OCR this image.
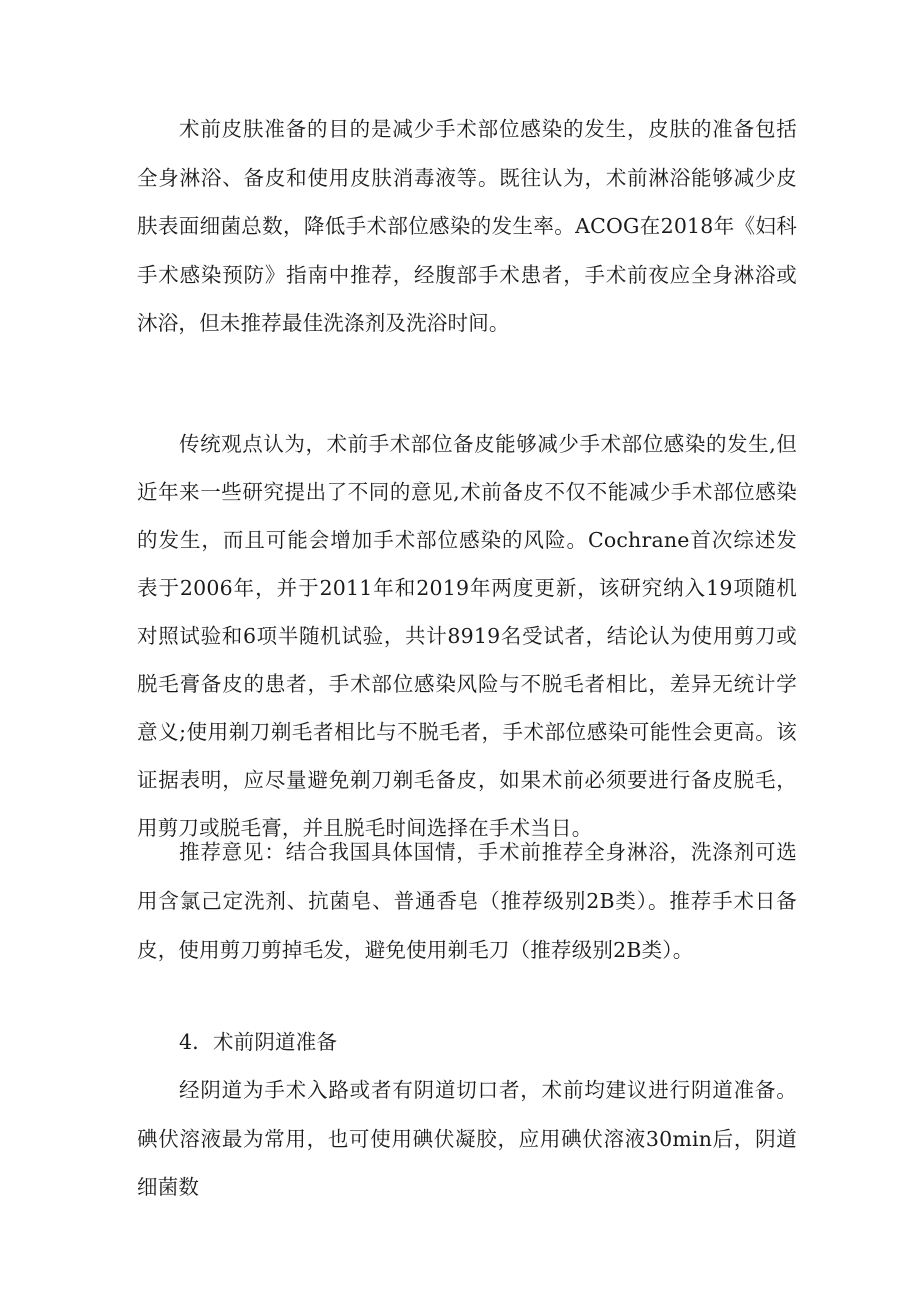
术前皮肤准备的目的是减少手术部位感染的发生，皮肤的准备包括全身淋浴、备皮和使用皮肤消毒液等。既往认为，术前淋浴能够减少皮肤表面细菌总数，降低手术部位感染的发生率。ACOG在2018年《妇科手术感染预防》指南中推荐，经腹部手术患者，手术前夜应全身淋浴或沐浴，但未推荐最佳洗涤剂及洗浴时间。

传统观点认为，术前手术部位备皮能够减少手术部位感染的发生,但近年来一些研究提出了不同的意见,术前备皮不仅不能减少手术部位感染的发生，而且可能会增加手术部位感染的风险。Cochrane首次综述发表于2006年，并于2011年和2019年两度更新，该研究纳入19项随机对照试验和6项半随机试验，共计8919名受试者，结论认为使用剪刀或脱毛膏备皮的患者，手术部位感染风险与不脱毛者相比，差异无统计学意义;使用剃刀剃毛者相比与不脱毛者，手术部位感染可能性会更高。该证据表明，应尽量避免剃刀剃毛备皮，如果术前必须要进行备皮脱毛，用剪刀或脱毛膏，并且脱毛时间选择在手术当日。

推荐意见：结合我国具体国情，手术前推荐全身淋浴，洗涤剂可选用含氯己定洗剂、抗菌皂、普通香皂（推荐级别2B类）。推荐手术日备皮，使用剪刀剪掉毛发，避免使用剃毛刀（推荐级别2B类）。

4．术前阴道准备

经阴道为手术入路或者有阴道切口者，术前均建议进行阴道准备。碘伏溶液最为常用，也可使用碘伏凝胶，应用碘伏溶液30min后，阴道细菌数
